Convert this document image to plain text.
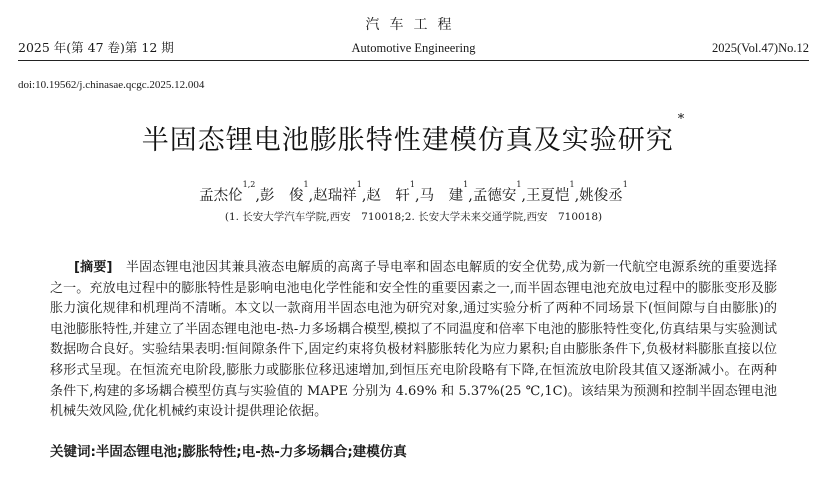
汽车工程
2025 年(第 47 卷)第 12 期	Automotive Engineering	2025(Vol.47)No.12
doi:10.19562/j.chinasae.qcgc.2025.12.004
半固态锂电池膨胀特性建模仿真及实验研究*
孟杰伦$^{1,2}$,彭　俊$^1$,赵瑞祥$^1$,赵　轩$^1$,马　建$^1$,孟德安$^1$,王夏恺$^1$,姚俊丞$^1$
(1. 长安大学汽车学院,西安　710018;2. 长安大学未来交通学院,西安　710018)

[摘要]　 半固态锂电池因其兼具液态电解质的高离子导电率和固态电解质的安全优势,成为新一代航空电源系统的重要选择之一。充放电过程中的膨胀特性是影响电池电化学性能和安全性的重要因素之一,而半固态锂电池充放电过程中的膨胀变形及膨胀力演化规律和机理尚不清晰。本文以一款商用半固态电池为研究对象,通过实验分析了两种不同场景下(恒间隙与自由膨胀)的电池膨胀特性,并建立了半固态锂电池电-热-力多场耦合模型,模拟了不同温度和倍率下电池的膨胀特性变化,仿真结果与实验测试数据吻合良好。实验结果表明:恒间隙条件下,固定约束将负极材料膨胀转化为应力累积;自由膨胀条件下,负极材料膨胀直接以位移形式呈现。在恒流充电阶段,膨胀力或膨胀位移迅速增加,到恒压充电阶段略有下降,在恒流放电阶段其值又逐渐减小。在两种条件下,构建的多场耦合模型仿真与实验值的 MAPE 分别为 4.69% 和 5.37%(25 ℃,1C)。该结果为预测和控制半固态锂电池机械失效风险,优化机械约束设计提供理论依据。

关键词:半固态锂电池;膨胀特性;电-热-力多场耦合;建模仿真
